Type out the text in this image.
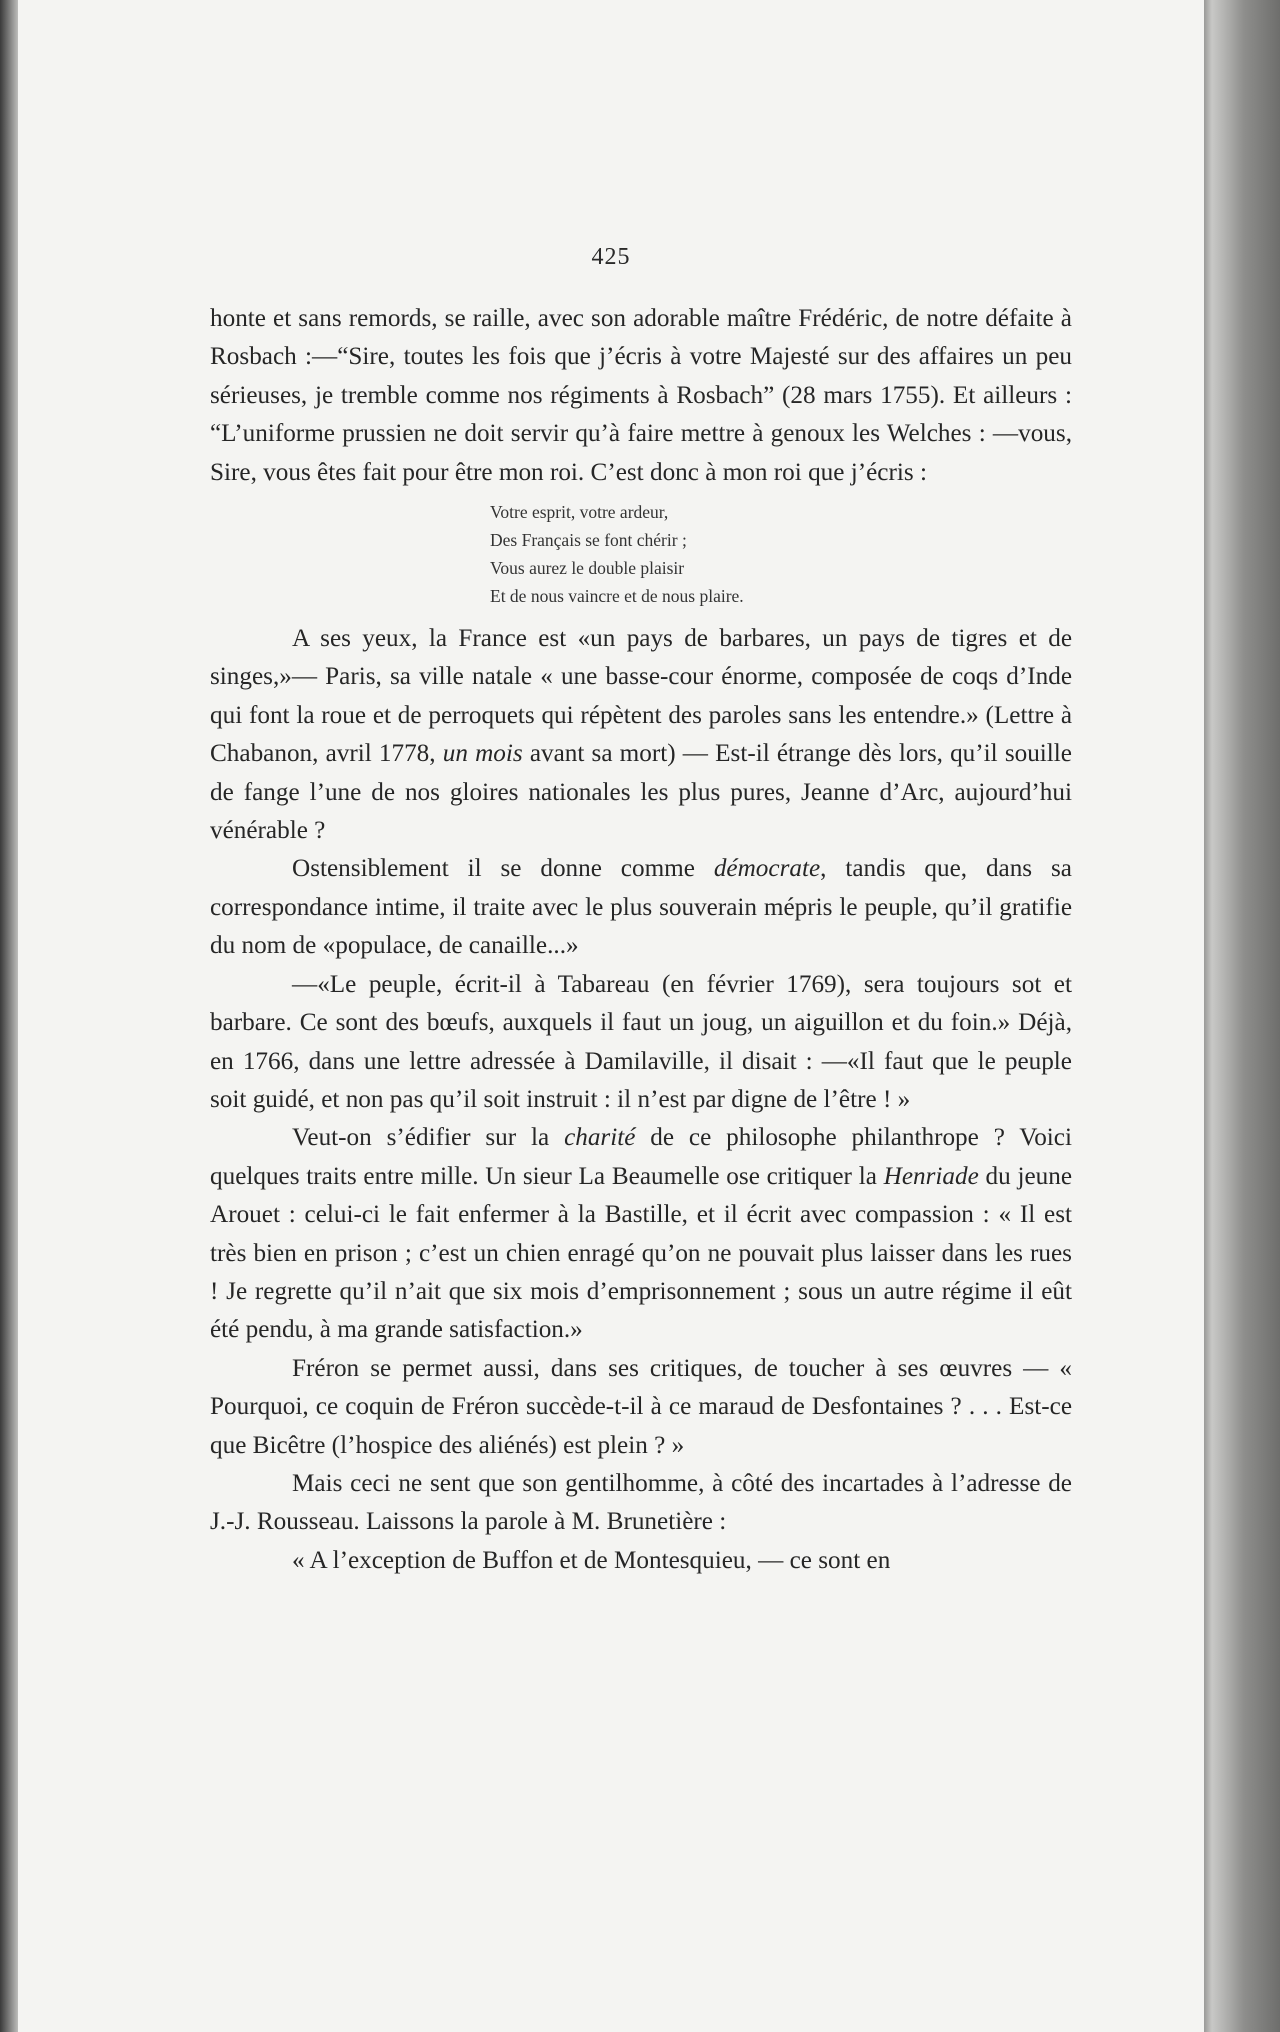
425

honte et sans remords, se raille, avec son adorable maître Frédéric, de notre défaite à Rosbach :—“Sire, toutes les fois que j’écris à votre Majesté sur des affaires un peu sérieuses, je tremble comme nos régiments à Rosbach” (28 mars 1755). Et ailleurs : “L’uniforme prussien ne doit servir qu’à faire mettre à genoux les Welches : —vous, Sire, vous êtes fait pour être mon roi. C’est donc à mon roi que j’écris :

Votre esprit, votre ardeur,
Des Français se font chérir ;
Vous aurez le double plaisir
Et de nous vaincre et de nous plaire.

A ses yeux, la France est «un pays de barbares, un pays de tigres et de singes,»— Paris, sa ville natale « une basse-cour énorme, composée de coqs d’Inde qui font la roue et de perroquets qui répètent des paroles sans les entendre.» (Lettre à Chabanon, avril 1778, un mois avant sa mort) — Est-il étrange dès lors, qu’il souille de fange l’une de nos gloires nationales les plus pures, Jeanne d’Arc, aujourd’hui vénérable ?

Ostensiblement il se donne comme démocrate, tandis que, dans sa correspondance intime, il traite avec le plus souverain mépris le peuple, qu’il gratifie du nom de «populace, de canaille...»

—«Le peuple, écrit-il à Tabareau (en février 1769), sera toujours sot et barbare. Ce sont des bœufs, auxquels il faut un joug, un aiguillon et du foin.» Déjà, en 1766, dans une lettre adressée à Damilaville, il disait : —«Il faut que le peuple soit guidé, et non pas qu’il soit instruit : il n’est par digne de l’être ! »

Veut-on s’édifier sur la charité de ce philosophe philanthrope ? Voici quelques traits entre mille. Un sieur La Beaumelle ose critiquer la Henriade du jeune Arouet : celui-ci le fait enfermer à la Bastille, et il écrit avec compassion : « Il est très bien en prison ; c’est un chien enragé qu’on ne pouvait plus laisser dans les rues ! Je regrette qu’il n’ait que six mois d’emprisonnement ; sous un autre régime il eût été pendu, à ma grande satisfaction.»

Fréron se permet aussi, dans ses critiques, de toucher à ses œuvres — « Pourquoi, ce coquin de Fréron succède-t-il à ce maraud de Desfontaines ? . . . Est-ce que Bicêtre (l’hospice des aliénés) est plein ? »

Mais ceci ne sent que son gentilhomme, à côté des incartades à l’adresse de J.-J. Rousseau. Laissons la parole à M. Brunetière :

« A l’exception de Buffon et de Montesquieu, — ce sont en
